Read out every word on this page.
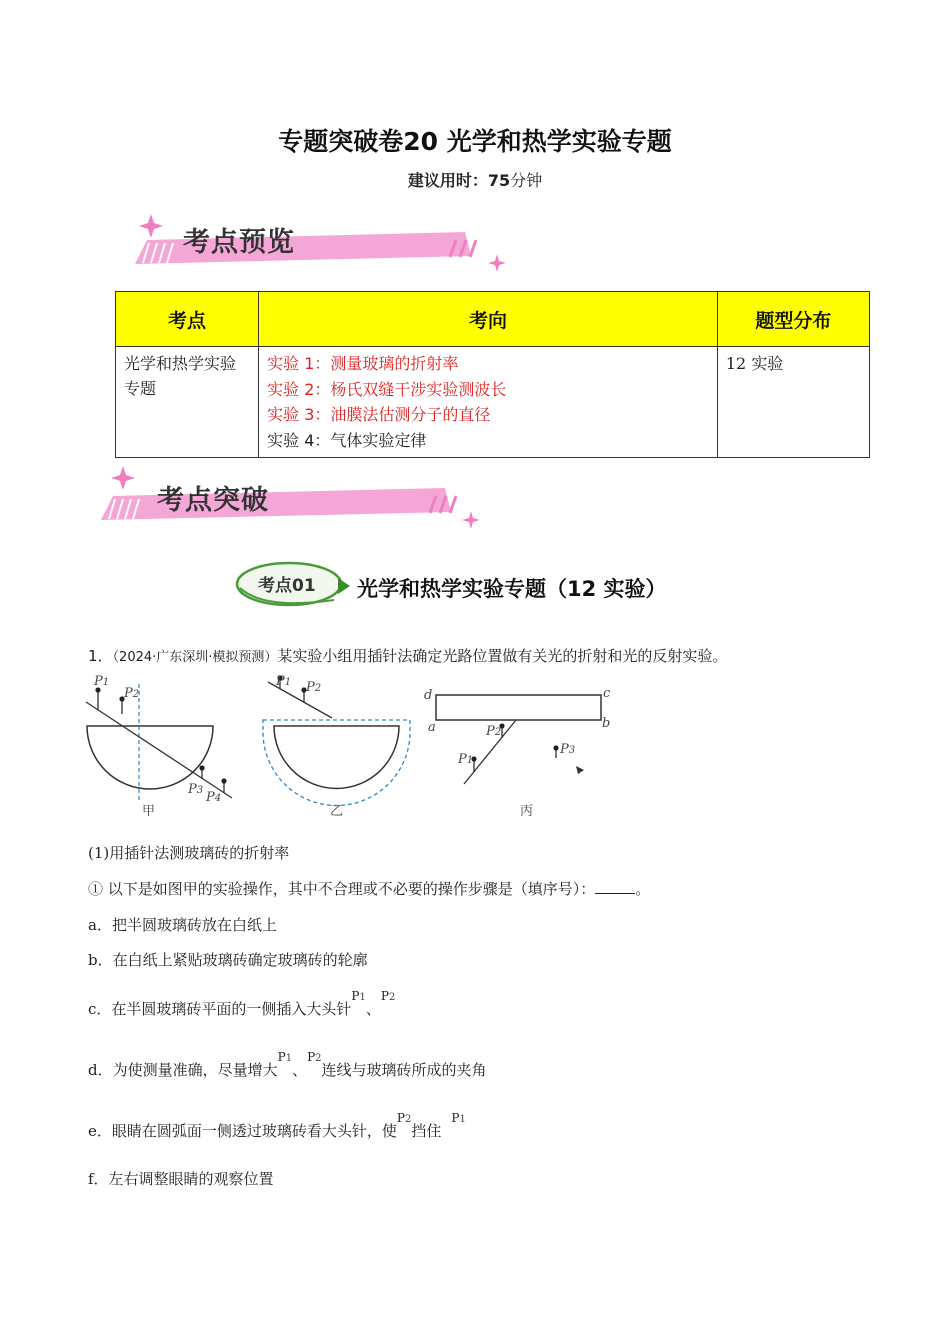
专题突破卷20 光学和热学实验专题
建议用时：75分钟
考点预览
考点	考向	题型分布
光学和热学实验专题	实验 1：测量玻璃的折射率
实验 2：杨氏双缝干涉实验测波长
实验 3：油膜法估测分子的直径
实验 4：气体实验定律	12 实验
考点突破
考点01 光学和热学实验专题（12 实验）
1．（2024·广东深圳·模拟预测）某实验小组用插针法确定光路位置做有关光的折射和光的反射实验。
P1
P2
P3 P4
甲
P1 P2
乙
d	c
a	b
P2
P1
P3
丙
(1)用插针法测玻璃砖的折射率
① 以下是如图甲的实验操作，其中不合理或不必要的操作步骤是（填序号）：	。
a．把半圆玻璃砖放在白纸上
b．在白纸上紧贴玻璃砖确定玻璃砖的轮廓
c．在半圆玻璃砖平面的一侧插入大头针$^{P1}$、$^{P2}$
d．为使测量准确，尽量增大$^{P1}$、$^{P2}$连线与玻璃砖所成的夹角
e．眼睛在圆弧面一侧透过玻璃砖看大头针，使$^{P2}$挡住$^{P1}$
f．左右调整眼睛的观察位置
